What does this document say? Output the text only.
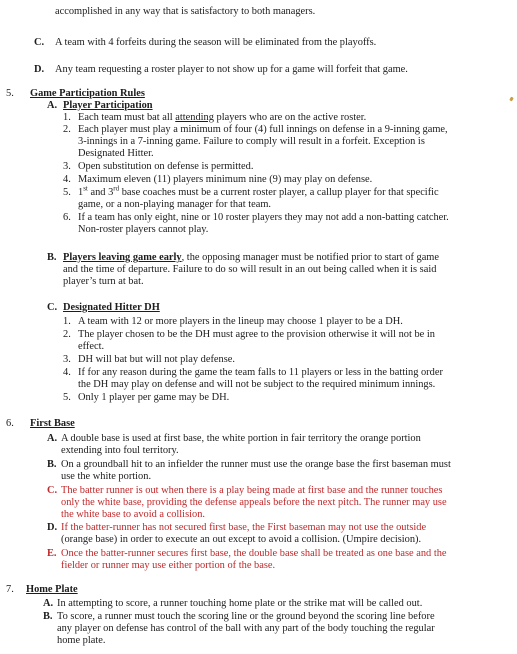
accomplished in any way that is satisfactory to both managers.
C. A team with 4 forfeits during the season will be eliminated from the playoffs.
D. Any team requesting a roster player to not show up for a game will forfeit that game.
5. Game Participation Rules
A. Player Participation
1. Each team must bat all attending players who are on the active roster.
2. Each player must play a minimum of four (4) full innings on defense in a 9-inning game,
3-innings in a 7-inning game. Failure to comply will result in a forfeit. Exception is
Designated Hitter.
3. Open substitution on defense is permitted.
4. Maximum eleven (11) players minimum nine (9) may play on defense.
5. 1st and 3rd base coaches must be a current roster player, a callup player for that specific
game, or a non-playing manager for that team.
6. If a team has only eight, nine or 10 roster players they may not add a non-batting catcher.
Non-roster players cannot play.
B. Players leaving game early, the opposing manager must be notified prior to start of game
and the time of departure. Failure to do so will result in an out being called when it is said
player’s turn at bat.
C. Designated Hitter DH
1. A team with 12 or more players in the lineup may choose 1 player to be a DH.
2. The player chosen to be the DH must agree to the provision otherwise it will not be in
effect.
3. DH will bat but will not play defense.
4. If for any reason during the game the team falls to 11 players or less in the batting order
the DH may play on defense and will not be subject to the required minimum innings.
5. Only 1 player per game may be DH.
6. First Base
A. A double base is used at first base, the white portion in fair territory the orange portion
extending into foul territory.
B. On a groundball hit to an infielder the runner must use the orange base the first baseman must
use the white portion.
C. The batter runner is out when there is a play being made at first base and the runner touches
only the white base, providing the defense appeals before the next pitch. The runner may use
the white base to avoid a collision.
D. If the batter-runner has not secured first base, the First baseman may not use the outside
(orange base) in order to execute an out except to avoid a collision. (Umpire decision).
E. Once the batter-runner secures first base, the double base shall be treated as one base and the
fielder or runner may use either portion of the base.
7. Home Plate
A. In attempting to score, a runner touching home plate or the strike mat will be called out.
B. To score, a runner must touch the scoring line or the ground beyond the scoring line before
any player on defense has control of the ball with any part of the body touching the regular
home plate.
